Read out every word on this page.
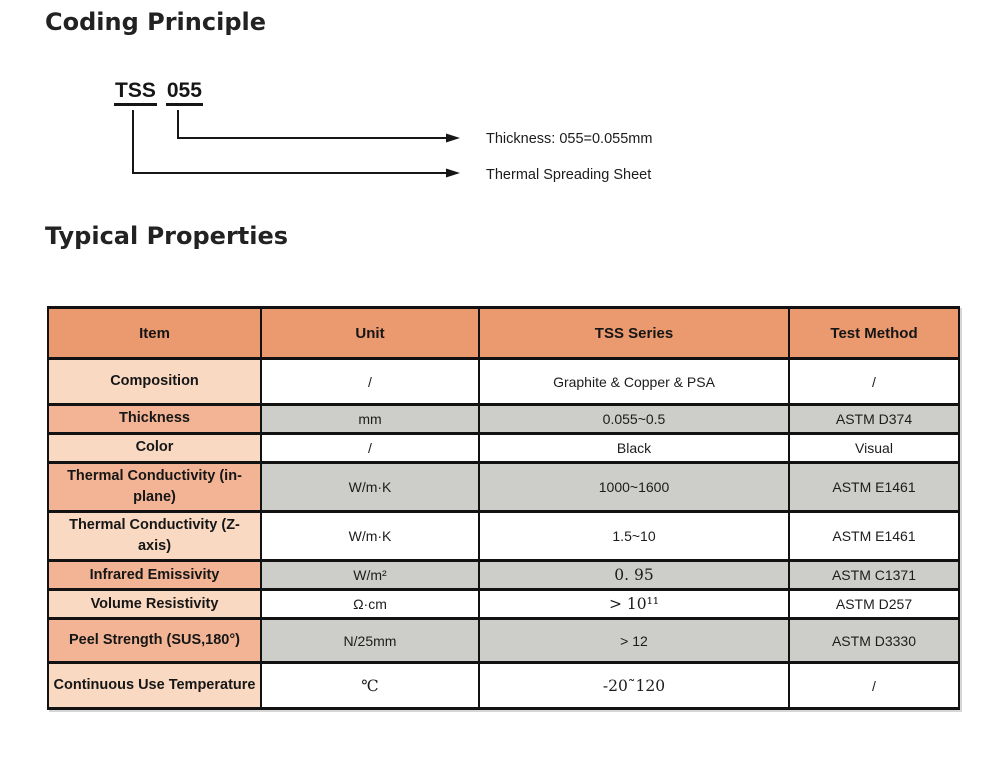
Coding Principle
TSS 055
Thickness: 055=0.055mm
Thermal Spreading Sheet
Typical Properties
Item	Unit	TSS Series	Test Method
Composition	/	Graphite & Copper & PSA	/
Thickness	mm	0.055~0.5	ASTM D374
Color	/	Black	Visual
Thermal Conductivity (in-plane)	W/m·K	1000~1600	ASTM E1461
Thermal Conductivity (Z-axis)	W/m·K	1.5~10	ASTM E1461
Infrared Emissivity	W/m²	0. 95	ASTM C1371
Volume Resistivity	Ω·cm	> 10¹¹	ASTM D257
Peel Strength (SUS,180°)	N/25mm	> 12	ASTM D3330
Continuous Use Temperature	℃	-20˜120	/
